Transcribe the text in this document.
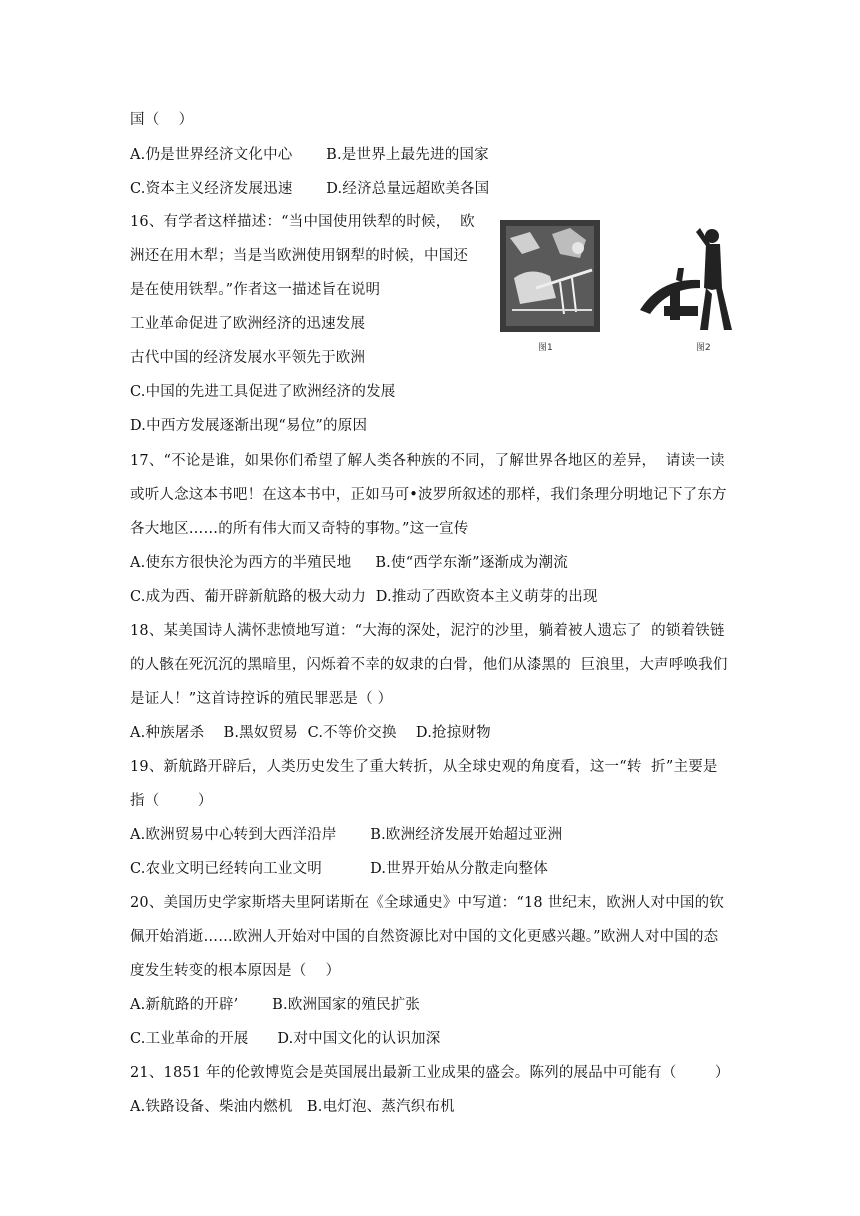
国（    ）
A.仍是世界经济文化中心       B.是世界上最先进的国家
C.资本主义经济发展迅速       D.经济总量远超欧美各国
16、有学者这样描述：“当中国使用铁犁的时候，  欧
洲还在用木犁；当是当欧洲使用钢犁的时候，中国还
是在使用铁犁。”作者这一描述旨在说明
工业革命促进了欧洲经济的迅速发展
古代中国的经济发展水平领先于欧洲
C.中国的先进工具促进了欧洲经济的发展
D.中西方发展逐渐出现“易位”的原因
17、“不论是谁，如果你们希望了解人类各种族的不同，了解世界各地区的差异，  请读一读
或听人念这本书吧！在这本书中，正如马可•波罗所叙述的那样，我们条理分明地记下了东方
各大地区……的所有伟大而又奇特的事物。”这一宣传
A.使东方很快沦为西方的半殖民地     B.使“西学东渐”逐渐成为潮流
C.成为西、葡开辟新航路的极大动力  D.推动了西欧资本主义萌芽的出现
18、某美国诗人满怀悲愤地写道：“大海的深处，泥泞的沙里，躺着被人遗忘了  的锁着铁链
的人骸在死沉沉的黑暗里，闪烁着不幸的奴隶的白骨，他们从漆黑的  巨浪里，大声呼唤我们
是证人！”这首诗控诉的殖民罪恶是（ ）
A.种族屠杀    B.黑奴贸易  C.不等价交换    D.抢掠财物
19、新航路开辟后，人类历史发生了重大转折，从全球史观的角度看，这一“转  折”主要是
指（        ）
A.欧洲贸易中心转到大西洋沿岸       B.欧洲经济发展开始超过亚洲
C.农业文明已经转向工业文明          D.世界开始从分散走向整体
20、美国历史学家斯塔夫里阿诺斯在《全球通史》中写道：“18 世纪末，欧洲人对中国的钦
佩开始消逝……欧洲人开始对中国的自然资源比对中国的文化更感兴趣。”欧洲人对中国的态
度发生转变的根本原因是（    ）
A.新航路的开辟’       B.欧洲国家的殖民扩张
C.工业革命的开展      D.对中国文化的认识加深
21、1851 年的伦敦博览会是英国展出最新工业成果的盛会。陈列的展品中可能有（        ）
A.铁路设备、柴油内燃机   B.电灯泡、蒸汽织布机
图1	图2
